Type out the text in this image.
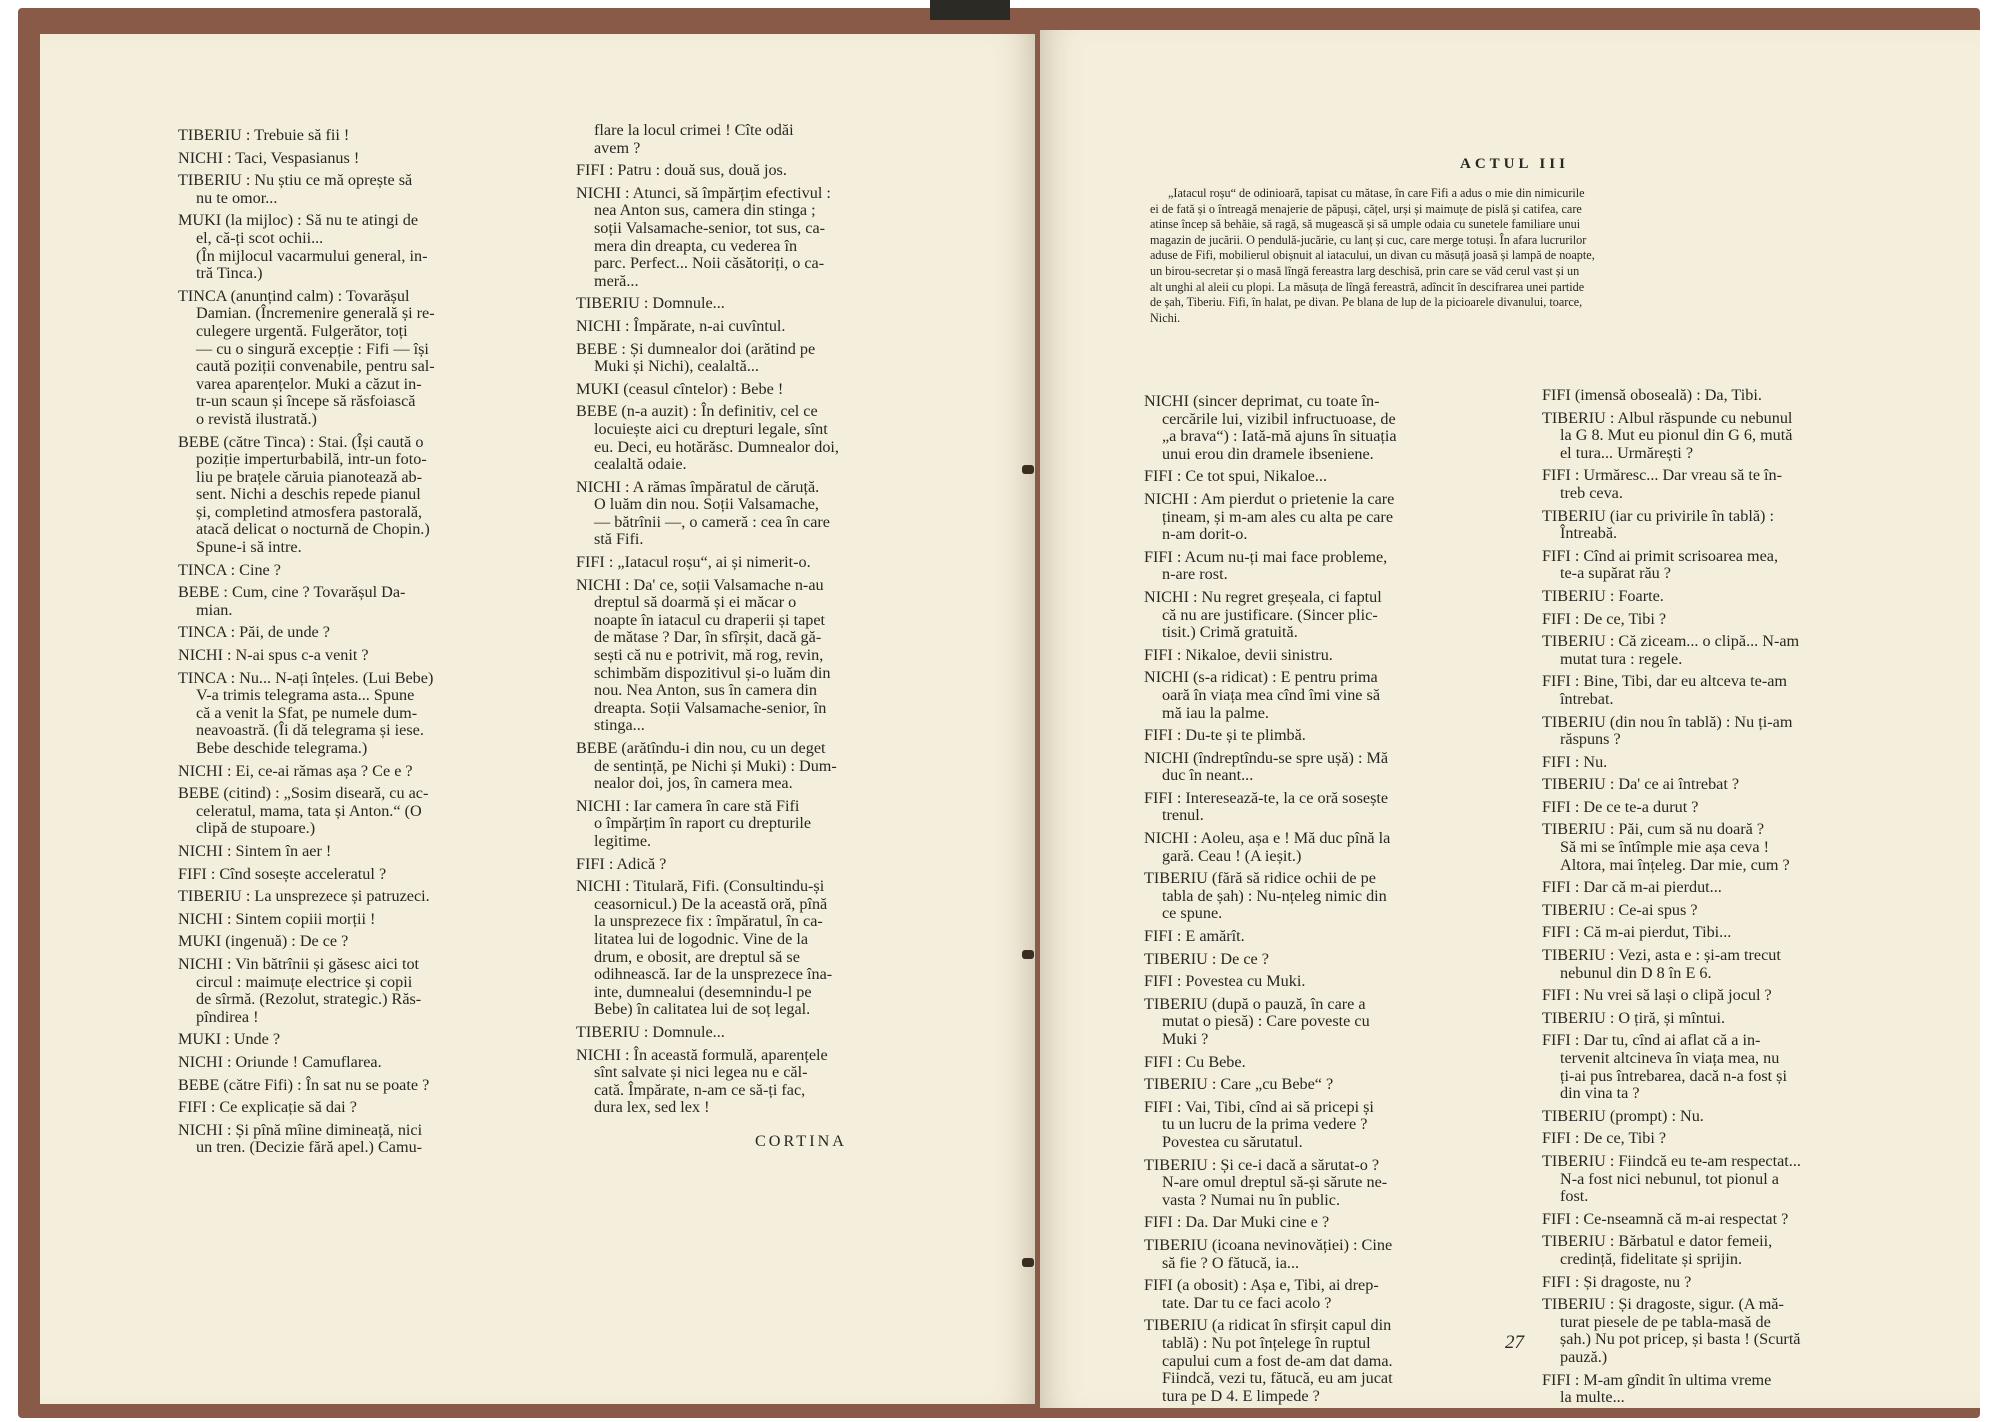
TIBERIU : Trebuie să fii !
NICHI : Taci, Vespasianus !
TIBERIU : Nu știu ce mă oprește să
nu te omor...
MUKI (la mijloc) : Să nu te atingi de
el, că-ți scot ochii...
(În mijlocul vacarmului general, in-
tră Tinca.)
TINCA (anunțind calm) : Tovarășul
Damian. (Încremenire generală și re-
culegere urgentă. Fulgerător, toți
— cu o singură excepție : Fifi — își
caută poziții convenabile, pentru sal-
varea aparențelor. Muki a căzut in-
tr-un scaun și începe să răsfoiască
o revistă ilustrată.)
BEBE (către Tinca) : Stai. (Își caută o
poziție imperturbabilă, intr-un foto-
liu pe brațele căruia pianotează ab-
sent. Nichi a deschis repede pianul
și, completind atmosfera pastorală,
atacă delicat o nocturnă de Chopin.)
Spune-i să intre.
TINCA : Cine ?
BEBE : Cum, cine ? Tovarășul Da-
mian.
TINCA : Păi, de unde ?
NICHI : N-ai spus c-a venit ?
TINCA : Nu... N-ați înțeles. (Lui Bebe)
V-a trimis telegrama asta... Spune
că a venit la Sfat, pe numele dum-
neavoastră. (Îi dă telegrama și iese.
Bebe deschide telegrama.)
NICHI : Ei, ce-ai rămas așa ? Ce e ?
BEBE (citind) : „Sosim diseară, cu ac-
celeratul, mama, tata și Anton.“ (O
clipă de stupoare.)
NICHI : Sintem în aer !
FIFI : Cînd sosește acceleratul ?
TIBERIU : La unsprezece și patruzeci.
NICHI : Sintem copiii morții !
MUKI (ingenuă) : De ce ?
NICHI : Vin bătrînii și găsesc aici tot
circul : maimuțe electrice și copii
de sîrmă. (Rezolut, strategic.) Răs-
pîndirea !
MUKI : Unde ?
NICHI : Oriunde ! Camuflarea.
BEBE (către Fifi) : În sat nu se poate ?
FIFI : Ce explicație să dai ?
NICHI : Și pînă mîine dimineață, nici
un tren. (Decizie fără apel.) Camu-
flare la locul crimei ! Cîte odăi
avem ?
FIFI : Patru : două sus, două jos.
NICHI : Atunci, să împărțim efectivul :
nea Anton sus, camera din stinga ;
soții Valsamache-senior, tot sus, ca-
mera din dreapta, cu vederea în
parc. Perfect... Noii căsătoriți, o ca-
meră...
TIBERIU : Domnule...
NICHI : Împărate, n-ai cuvîntul.
BEBE : Și dumnealor doi (arătind pe
Muki și Nichi), cealaltă...
MUKI (ceasul cîntelor) : Bebe !
BEBE (n-a auzit) : În definitiv, cel ce
locuiește aici cu drepturi legale, sînt
eu. Deci, eu hotărăsc. Dumnealor doi,
cealaltă odaie.
NICHI : A rămas împăratul de căruță.
O luăm din nou. Soții Valsamache,
— bătrînii —, o cameră : cea în care
stă Fifi.
FIFI : „Iatacul roșu“, ai și nimerit-o.
NICHI : Da' ce, soții Valsamache n-au
dreptul să doarmă și ei măcar o
noapte în iatacul cu draperii și tapet
de mătase ? Dar, în sfîrșit, dacă gă-
sești că nu e potrivit, mă rog, revin,
schimbăm dispozitivul și-o luăm din
nou. Nea Anton, sus în camera din
dreapta. Soții Valsamache-senior, în
stinga...
BEBE (arătîndu-i din nou, cu un deget
de sentință, pe Nichi și Muki) : Dum-
nealor doi, jos, în camera mea.
NICHI : Iar camera în care stă Fifi
o împărțim în raport cu drepturile
legitime.
FIFI : Adică ?
NICHI : Titulară, Fifi. (Consultindu-și
ceasornicul.) De la această oră, pînă
la unsprezece fix : împăratul, în ca-
litatea lui de logodnic. Vine de la
drum, e obosit, are dreptul să se
odihnească. Iar de la unsprezece îna-
inte, dumnealui (desemnindu-l pe
Bebe) în calitatea lui de soț legal.
TIBERIU : Domnule...
NICHI : În această formulă, aparențele
sînt salvate și nici legea nu e căl-
cată. Împărate, n-am ce să-ți fac,
dura lex, sed lex !
CORTINA
ACTUL III
„Iatacul roșu“ de odinioară, tapisat cu mătase, în care Fifi a adus o mie din nimicurile
ei de fată și o întreagă menajerie de păpuși, cățel, urși și maimuțe de pislă și catifea, care
atinse încep să behăie, să ragă, să mugească și să umple odaia cu sunetele familiare unui
magazin de jucării. O pendulă-jucărie, cu lanț și cuc, care merge totuși. În afara lucrurilor
aduse de Fifi, mobilierul obișnuit al iatacului, un divan cu măsuță joasă și lampă de noapte,
un birou-secretar și o masă lîngă fereastra larg deschisă, prin care se văd cerul vast și un
alt unghi al aleii cu plopi. La măsuța de lîngă fereastră, adîncit în descifrarea unei partide
de șah, Tiberiu. Fifi, în halat, pe divan. Pe blana de lup de la picioarele divanului, toarce,
Nichi.
NICHI (sincer deprimat, cu toate în-
cercările lui, vizibil infructuoase, de
„a brava“) : Iată-mă ajuns în situația
unui erou din dramele ibseniene.
FIFI : Ce tot spui, Nikaloe...
NICHI : Am pierdut o prietenie la care
țineam, și m-am ales cu alta pe care
n-am dorit-o.
FIFI : Acum nu-ți mai face probleme,
n-are rost.
NICHI : Nu regret greșeala, ci faptul
că nu are justificare. (Sincer plic-
tisit.) Crimă gratuită.
FIFI : Nikaloe, devii sinistru.
NICHI (s-a ridicat) : E pentru prima
oară în viața mea cînd îmi vine să
mă iau la palme.
FIFI : Du-te și te plimbă.
NICHI (îndreptîndu-se spre ușă) : Mă
duc în neant...
FIFI : Interesează-te, la ce oră sosește
trenul.
NICHI : Aoleu, așa e ! Mă duc pînă la
gară. Ceau ! (A ieșit.)
TIBERIU (fără să ridice ochii de pe
tabla de șah) : Nu-nțeleg nimic din
ce spune.
FIFI : E amărît.
TIBERIU : De ce ?
FIFI : Povestea cu Muki.
TIBERIU (după o pauză, în care a
mutat o piesă) : Care poveste cu
Muki ?
FIFI : Cu Bebe.
TIBERIU : Care „cu Bebe“ ?
FIFI : Vai, Tibi, cînd ai să pricepi și
tu un lucru de la prima vedere ?
Povestea cu sărutatul.
TIBERIU : Și ce-i dacă a sărutat-o ?
N-are omul dreptul să-și sărute ne-
vasta ? Numai nu în public.
FIFI : Da. Dar Muki cine e ?
TIBERIU (icoana nevinovăției) : Cine
să fie ? O fătucă, ia...
FIFI (a obosit) : Așa e, Tibi, ai drep-
tate. Dar tu ce faci acolo ?
TIBERIU (a ridicat în sfirșit capul din
tablă) : Nu pot înțelege în ruptul
capului cum a fost de-am dat dama.
Fiindcă, vezi tu, fătucă, eu am jucat
tura pe D 4. E limpede ?
FIFI (imensă oboseală) : Da, Tibi.
TIBERIU : Albul răspunde cu nebunul
la G 8. Mut eu pionul din G 6, mută
el tura... Urmărești ?
FIFI : Urmăresc... Dar vreau să te în-
treb ceva.
TIBERIU (iar cu privirile în tablă) :
Întreabă.
FIFI : Cînd ai primit scrisoarea mea,
te-a supărat rău ?
TIBERIU : Foarte.
FIFI : De ce, Tibi ?
TIBERIU : Că ziceam... o clipă... N-am
mutat tura : regele.
FIFI : Bine, Tibi, dar eu altceva te-am
întrebat.
TIBERIU (din nou în tablă) : Nu ți-am
răspuns ?
FIFI : Nu.
TIBERIU : Da' ce ai întrebat ?
FIFI : De ce te-a durut ?
TIBERIU : Păi, cum să nu doară ?
Să mi se întîmple mie așa ceva !
Altora, mai înțeleg. Dar mie, cum ?
FIFI : Dar că m-ai pierdut...
TIBERIU : Ce-ai spus ?
FIFI : Că m-ai pierdut, Tibi...
TIBERIU : Vezi, asta e : și-am trecut
nebunul din D 8 în E 6.
FIFI : Nu vrei să lași o clipă jocul ?
TIBERIU : O țiră, și mîntui.
FIFI : Dar tu, cînd ai aflat că a in-
tervenit altcineva în viața mea, nu
ți-ai pus întrebarea, dacă n-a fost și
din vina ta ?
TIBERIU (prompt) : Nu.
FIFI : De ce, Tibi ?
TIBERIU : Fiindcă eu te-am respectat...
N-a fost nici nebunul, tot pionul a
fost.
FIFI : Ce-nseamnă că m-ai respectat ?
TIBERIU : Bărbatul e dator femeii,
credință, fidelitate și sprijin.
FIFI : Și dragoste, nu ?
TIBERIU : Și dragoste, sigur. (A mă-
turat piesele de pe tabla-masă de
șah.) Nu pot pricep, și basta ! (Scurtă
pauză.)
FIFI : M-am gîndit în ultima vreme
la multe...
27
